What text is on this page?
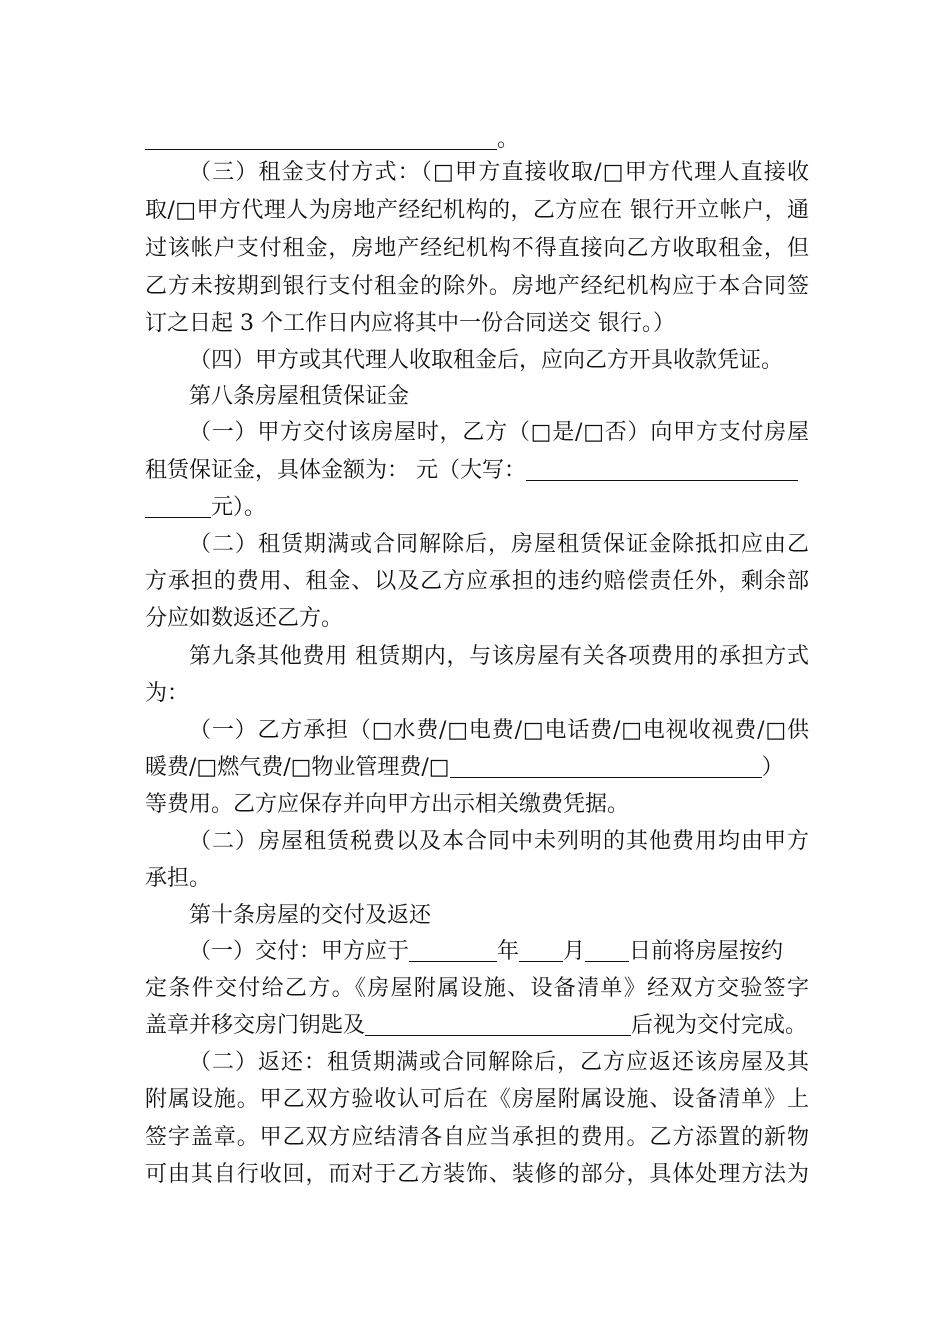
。
（三）租金支付方式：（□甲方直接收取/□甲方代理人直接收
取/□甲方代理人为房地产经纪机构的，乙方应在 银行开立帐户，通
过该帐户支付租金，房地产经纪机构不得直接向乙方收取租金，但
乙方未按期到银行支付租金的除外。房地产经纪机构应于本合同签
订之日起 3 个工作日内应将其中一份合同送交 银行。）
（四）甲方或其代理人收取租金后，应向乙方开具收款凭证。
第八条房屋租赁保证金
（一）甲方交付该房屋时，乙方（□是/□否）向甲方支付房屋
租赁保证金，具体金额为： 元（大写：
元）。
（二）租赁期满或合同解除后，房屋租赁保证金除抵扣应由乙
方承担的费用、租金、以及乙方应承担的违约赔偿责任外，剩余部
分应如数返还乙方。
第九条其他费用 租赁期内，与该房屋有关各项费用的承担方式
为：
（一）乙方承担（□水费/□电费/□电话费/□电视收视费/□供
暖费/□燃气费/□物业管理费/□	）
等费用。乙方应保存并向甲方出示相关缴费凭据。
（二）房屋租赁税费以及本合同中未列明的其他费用均由甲方
承担。
第十条房屋的交付及返还
（一）交付：甲方应于	年 月 日前将房屋按约
定条件交付给乙方。《房屋附属设施、设备清单》经双方交验签字
盖章并移交房门钥匙及	后视为交付完成。
（二）返还：租赁期满或合同解除后，乙方应返还该房屋及其
附属设施。甲乙双方验收认可后在《房屋附属设施、设备清单》上
签字盖章。甲乙双方应结清各自应当承担的费用。乙方添置的新物
可由其自行收回，而对于乙方装饰、装修的部分，具体处理方法为
